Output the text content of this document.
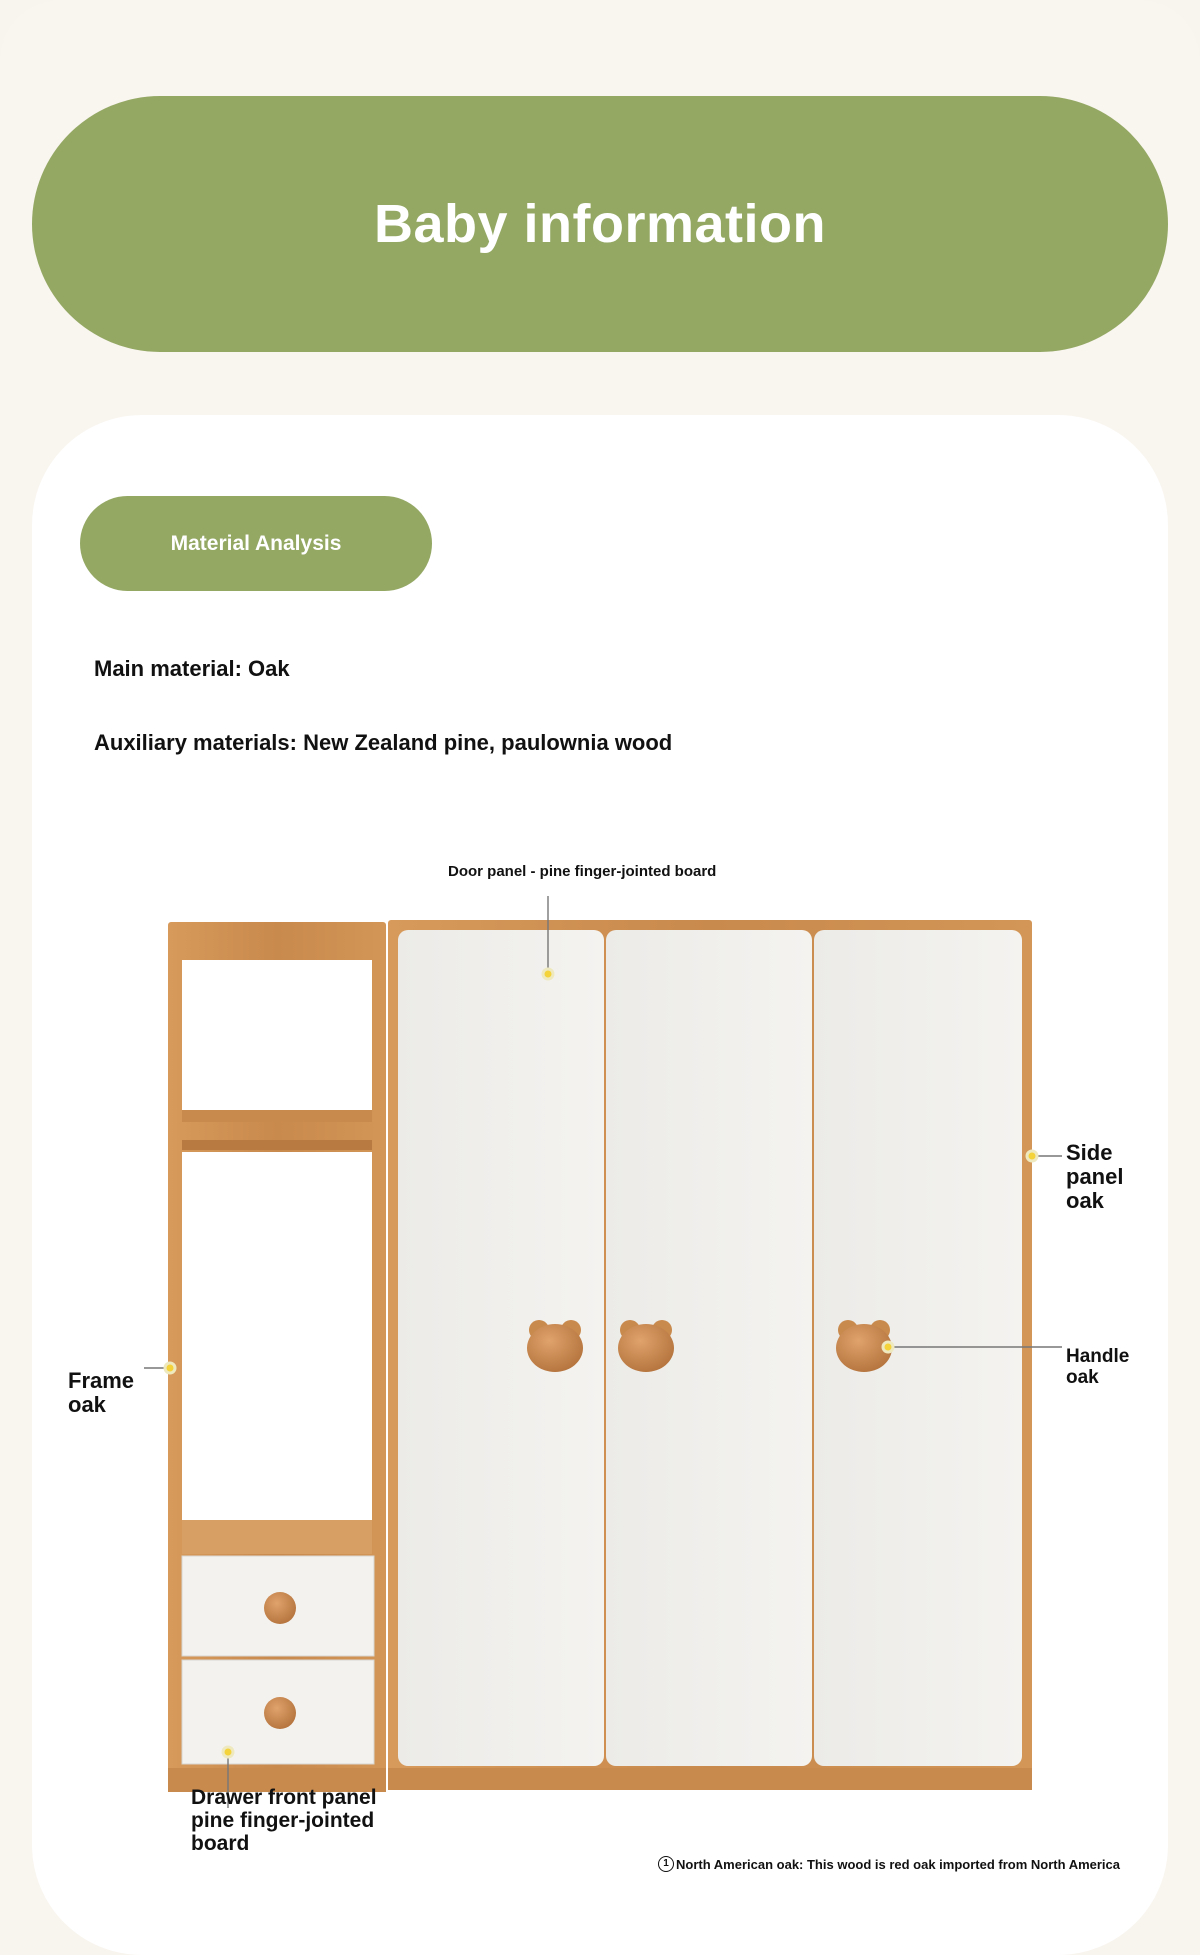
Baby information
Material Analysis
Main material: Oak
Auxiliary materials: New Zealand pine, paulownia wood
Door panel - pine finger-jointed board
Side
panel
oak
Frame
oak
Handle
oak
Drawer front panel
pine finger-jointed
board
1 North American oak: This wood is red oak imported from North America
